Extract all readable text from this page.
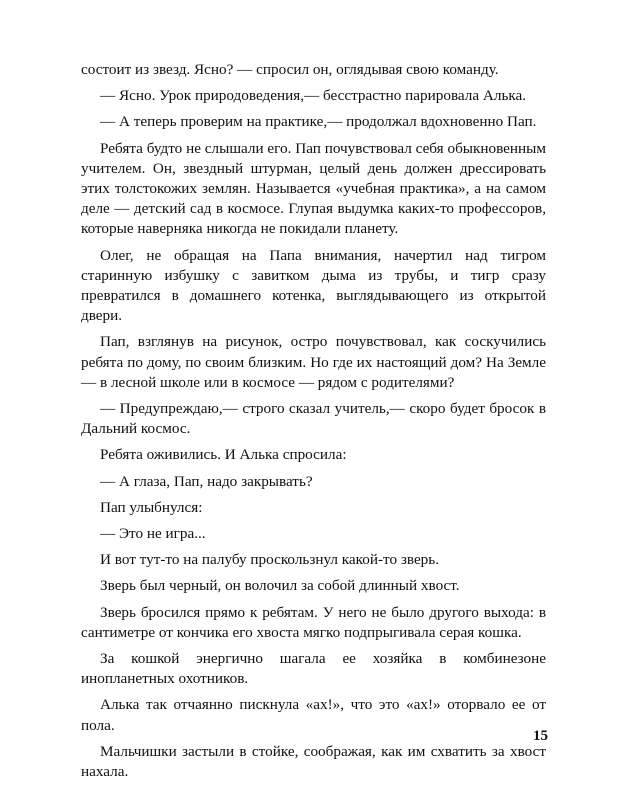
состоит из звезд. Ясно? — спросил он, оглядывая свою команду.

— Ясно. Урок природоведения,— бесстрастно парировала Алька.

— А теперь проверим на практике,— продолжал вдохновенно Пап.

Ребята будто не слышали его. Пап почувствовал себя обыкновенным учителем. Он, звездный штурман, целый день должен дрессировать этих толстокожих землян. Называется «учебная практика», а на самом деле — детский сад в космосе. Глупая выдумка каких-то профессоров, которые наверняка никогда не покидали планету.

Олег, не обращая на Папа внимания, начертил над тигром старинную избушку с завитком дыма из трубы, и тигр сразу превратился в домашнего котенка, выглядывающего из открытой двери.

Пап, взглянув на рисунок, остро почувствовал, как соскучились ребята по дому, по своим близким. Но где их настоящий дом? На Земле — в лесной школе или в космосе — рядом с родителями?

— Предупреждаю,— строго сказал учитель,— скоро будет бросок в Дальний космос.

Ребята оживились. И Алька спросила:

— А глаза, Пап, надо закрывать?

Пап улыбнулся:

— Это не игра...

И вот тут-то на палубу проскользнул какой-то зверь.

Зверь был черный, он волочил за собой длинный хвост.

Зверь бросился прямо к ребятам. У него не было другого выхода: в сантиметре от кончика его хвоста мягко подпрыгивала серая кошка.

За кошкой энергично шагала ее хозяйка в комбинезоне инопланетных охотников.

Алька так отчаянно пискнула «ах!», что это «ах!» оторвало ее от пола.

Мальчишки застыли в стойке, соображая, как им схватить за хвост нахала.

15
